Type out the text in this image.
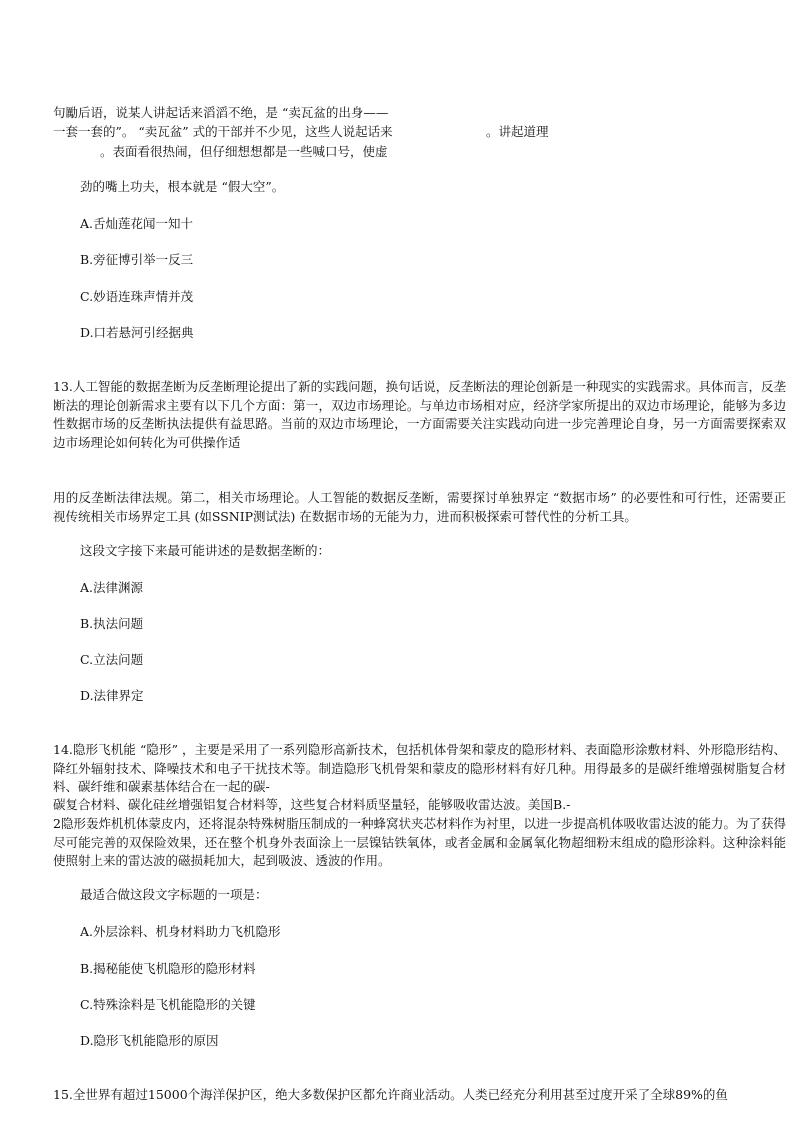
句勵后语，说某人讲起话来滔滔不绝，是 “卖瓦盆的出身——
一套一套的”。 “卖瓦盆” 式的干部并不少见，这些人说起话来	。讲起道理
。表面看很热闹，但仔细想想都是一些喊口号，使虚
劲的嘴上功夫，根本就是 “假大空”。
A.舌灿莲花闻一知十
B.旁征博引举一反三
C.妙语连珠声情并茂
D.口若悬河引经据典

13.人工智能的数据垄断为反垄断理论提出了新的实践问题，换句话说，反垄断法的理论创新是一种现实的实践需求。具体而言，反垄断法的理论创新需求主要有以下几个方面：第一，双边市场理论。与单边市场相对应，经济学家所提出的双边市场理论，能够为多边性数据市场的反垄断执法提供有益思路。当前的双边市场理论，一方面需要关注实践动向进一步完善理论自身，另一方面需要探索双边市场理论如何转化为可供操作适

用的反垄断法律法规。第二，相关市场理论。人工智能的数据反垄断，需要探讨单独界定 “数据市场” 的必要性和可行性，还需要正视传统相关市场界定工具 (如SSNIP测试法) 在数据市场的无能为力，进而积极探索可替代性的分析工具。

这段文字接下来最可能讲述的是数据垄断的：
A.法律渊源
B.执法问题
C.立法问题
D.法律界定

14.隐形飞机能 “隐形” ，主要是采用了一系列隐形高新技术，包括机体骨架和蒙皮的隐形材料、表面隐形涂敷材料、外形隐形结构、降红外辐射技术、降噪技术和电子干扰技术等。制造隐形飞机骨架和蒙皮的隐形材料有好几种。用得最多的是碳纤维增强树脂复合材料、碳纤维和碳素基体结合在一起的碳-

碳复合材料、碳化硅丝增强铝复合材料等，这些复合材料质坚量轻，能够吸收雷达波。美国B.-

2隐形轰炸机机体蒙皮内，还将混杂特殊树脂压制成的一种蜂窝状夹芯材料作为衬里，以进一步提高机体吸收雷达波的能力。为了获得尽可能完善的双保险效果，还在整个机身外表面涂上一层镍钴铁氧体，或者金属和金属氧化物超细粉末组成的隐形涂料。这种涂料能使照射上来的雷达波的磁损耗加大，起到吸波、透波的作用。

最适合做这段文字标题的一项是：
A.外层涂料、机身材料助力飞机隐形
B.揭秘能使飞机隐形的隐形材料
C.特殊涂料是飞机能隐形的关键
D.隐形飞机能隐形的原因
15.全世界有超过15000个海洋保护区，绝大多数保护区都允许商业活动。人类已经充分利用甚至过度开采了全球89%的鱼
